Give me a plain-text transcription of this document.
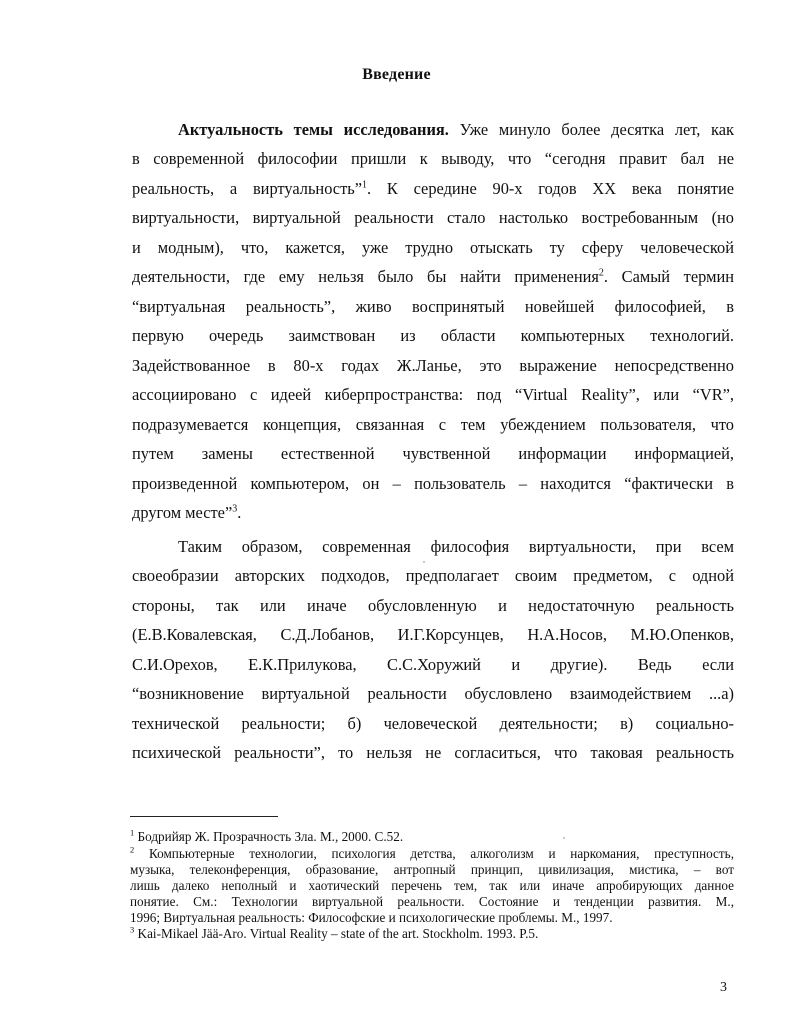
Введение
Актуальность темы исследования. Уже минуло более десятка лет, как
в современной философии пришли к выводу, что “сегодня правит бал не
реальность, а виртуальность”$^1$. К середине 90-х годов XX века понятие
виртуальности, виртуальной реальности стало настолько востребованным (но
и модным), что, кажется, уже трудно отыскать ту сферу человеческой
деятельности, где ему нельзя было бы найти применения$^2$. Самый термин
“виртуальная реальность”, живо воспринятый новейшей философией, в
первую очередь заимствован из области компьютерных технологий.
Задействованное в 80-х годах Ж.Ланье, это выражение непосредственно
ассоциировано с идеей киберпространства: под “Virtual Reality”, или “VR”,
подразумевается концепция, связанная с тем убеждением пользователя, что
путем замены естественной чувственной информации информацией,
произведенной компьютером, он – пользователь – находится “фактически в
другом месте”$^3$.
Таким образом, современная философия виртуальности, при всем
своеобразии авторских подходов, предполагает своим предметом, с одной
стороны, так или иначе обусловленную и недостаточную реальность
(Е.В.Ковалевская, С.Д.Лобанов, И.Г.Корсунцев, Н.А.Носов, М.Ю.Опенков,
С.И.Орехов, Е.К.Прилукова, С.С.Хоружий и другие). Ведь если
“возникновение виртуальной реальности обусловлено взаимодействием ...а)
технической реальности; б) человеческой деятельности; в) социально-
психической реальности”, то нельзя не согласиться, что таковая реальность
$^1$ Бодрийяр Ж. Прозрачность Зла. М., 2000. С.52.
$^2$ Компьютерные технологии, психология детства, алкоголизм и наркомания, преступность,
музыка, телеконференция, образование, антропный принцип, цивилизация, мистика, – вот
лишь далеко неполный и хаотический перечень тем, так или иначе апробирующих данное
понятие. См.: Технологии виртуальной реальности. Состояние и тенденции развития. М.,
1996; Виртуальная реальность: Философские и психологические проблемы. М., 1997.
$^3$ Kai-Mikael Jää-Aro. Virtual Reality – state of the art. Stockholm. 1993. P.5.
3
